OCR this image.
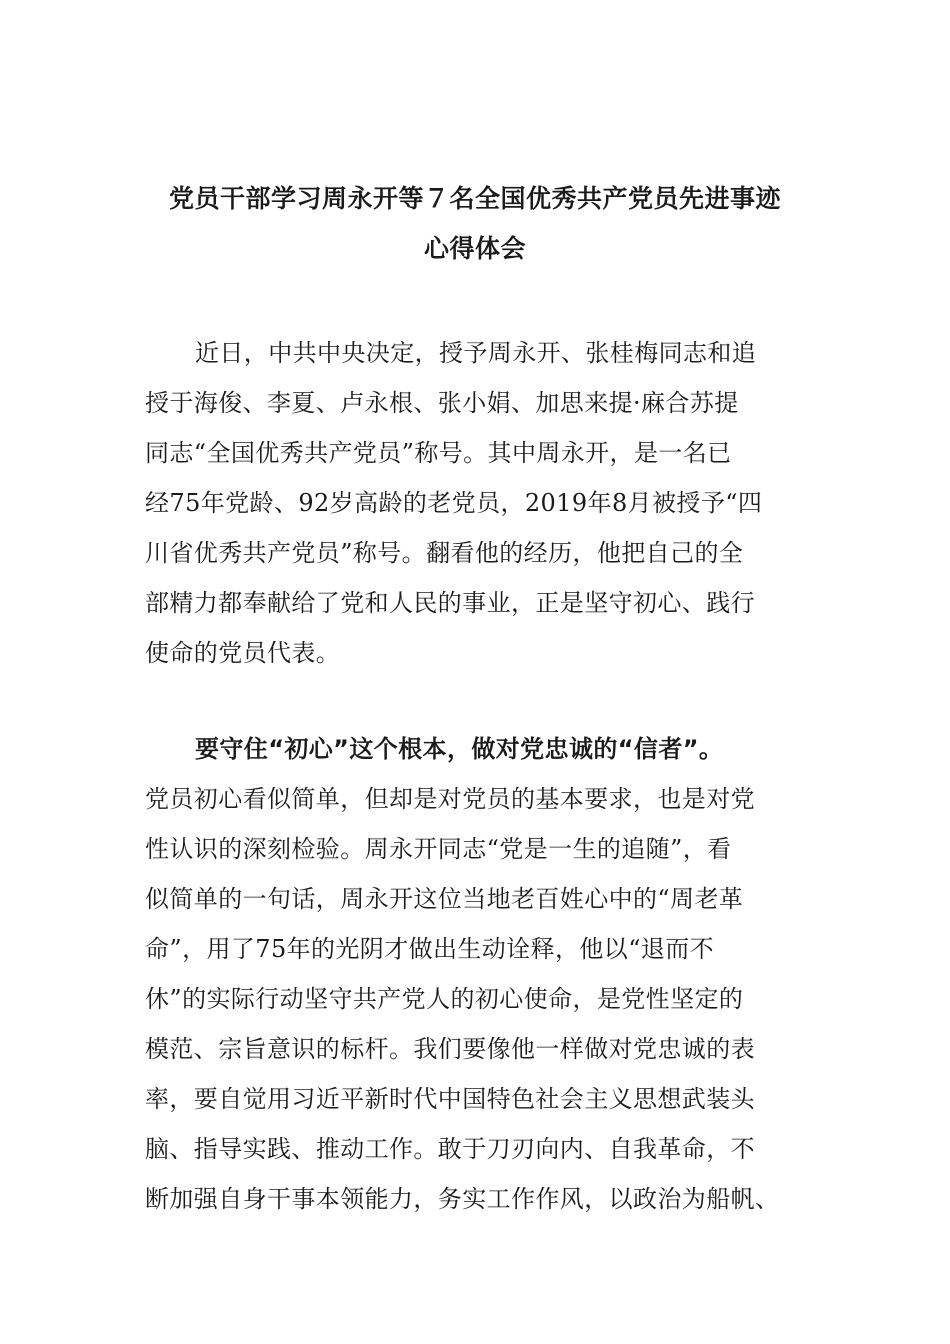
党员干部学习周永开等７名全国优秀共产党员先进事迹
心得体会
近日，中共中央决定，授予周永开、张桂梅同志和追
授于海俊、李夏、卢永根、张小娟、加思来提·麻合苏提
同志“全国优秀共产党员”称号。其中周永开，是一名已
经75年党龄、92岁高龄的老党员，2019年8月被授予“四
川省优秀共产党员”称号。翻看他的经历，他把自己的全
部精力都奉献给了党和人民的事业，正是坚守初心、践行
使命的党员代表。
要守住“初心”这个根本，做对党忠诚的“信者”。
党员初心看似简单，但却是对党员的基本要求，也是对党
性认识的深刻检验。周永开同志“党是一生的追随”，看
似简单的一句话，周永开这位当地老百姓心中的“周老革
命”，用了75年的光阴才做出生动诠释，他以“退而不
休”的实际行动坚守共产党人的初心使命，是党性坚定的
模范、宗旨意识的标杆。我们要像他一样做对党忠诚的表
率，要自觉用习近平新时代中国特色社会主义思想武装头
脑、指导实践、推动工作。敢于刀刃向内、自我革命，不
断加强自身干事本领能力，务实工作作风，以政治为船帆、
